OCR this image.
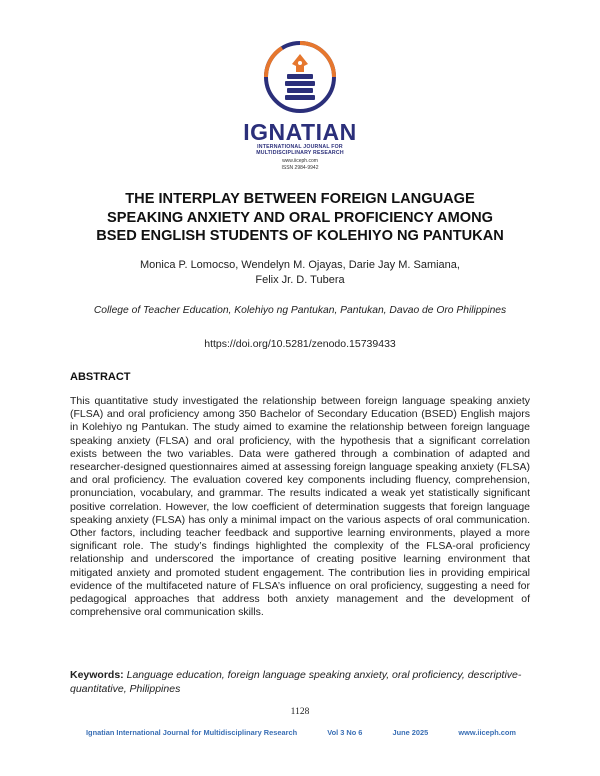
IGNATIAN
INTERNATIONAL JOURNAL FOR
MULTIDISCIPLINARY RESEARCH
www.iiceph.com
ISSN 2984-9942
THE INTERPLAY BETWEEN FOREIGN LANGUAGE
SPEAKING ANXIETY AND ORAL PROFICIENCY AMONG
BSED ENGLISH STUDENTS OF KOLEHIYO NG PANTUKAN
Monica P. Lomocso, Wendelyn M. Ojayas, Darie Jay M. Samiana,
Felix Jr. D. Tubera
College of Teacher Education, Kolehiyo ng Pantukan, Pantukan, Davao de Oro Philippines
https://doi.org/10.5281/zenodo.15739433
ABSTRACT

This quantitative study investigated the relationship between foreign language speaking anxiety (FLSA) and oral proficiency among 350 Bachelor of Secondary Education (BSED) English majors in Kolehiyo ng Pantukan. The study aimed to examine the relationship between foreign language speaking anxiety (FLSA) and oral proficiency, with the hypothesis that a significant correlation exists between the two variables. Data were gathered through a combination of adapted and researcher-designed questionnaires aimed at assessing foreign language speaking anxiety (FLSA) and oral proficiency. The evaluation covered key components including fluency, comprehension, pronunciation, vocabulary, and grammar. The results indicated a weak yet statistically significant positive correlation. However, the low coefficient of determination suggests that foreign language speaking anxiety (FLSA) has only a minimal impact on the various aspects of oral communication. Other factors, including teacher feedback and supportive learning environments, played a more significant role. The study’s findings highlighted the complexity of the FLSA-oral proficiency relationship and underscored the importance of creating positive learning environment that mitigated anxiety and promoted student engagement. The contribution lies in providing empirical evidence of the multifaceted nature of FLSA’s influence on oral proficiency, suggesting a need for pedagogical approaches that address both anxiety management and the development of comprehensive oral communication skills.

Keywords: Language education, foreign language speaking anxiety, oral proficiency, descriptive-quantitative, Philippines

1128
Ignatian International Journal for Multidisciplinary Research	Vol 3 No 6	June 2025	www.iiceph.com
